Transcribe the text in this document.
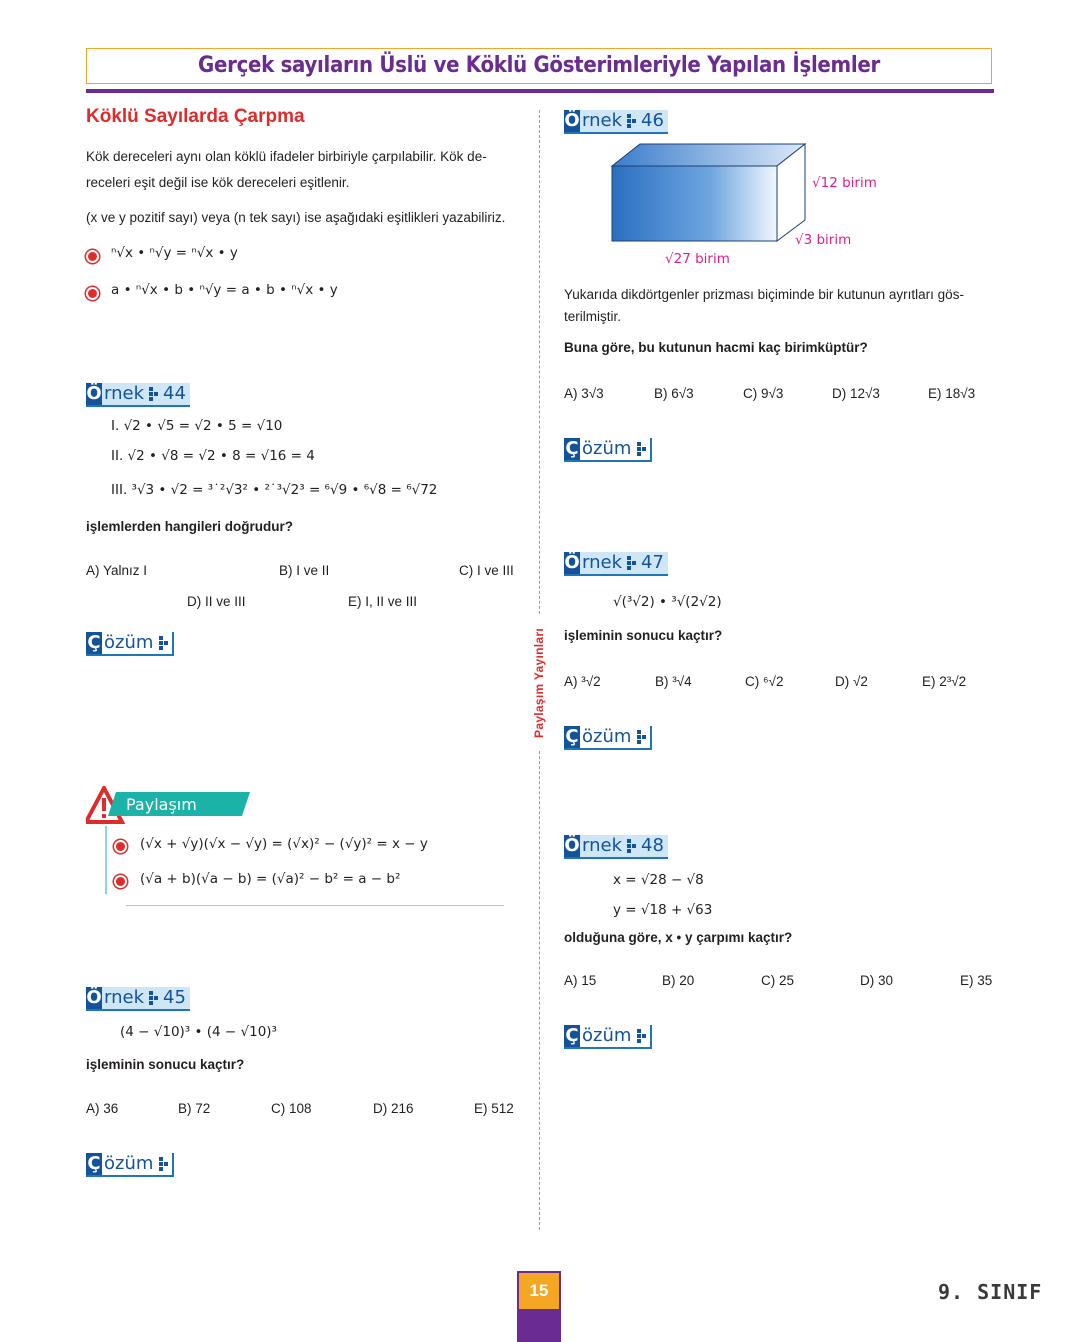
Gerçek sayıların Üslü ve Köklü Gösterimleriyle Yapılan İşlemler
Köklü Sayılarda Çarpma
Kök dereceleri aynı olan köklü ifadeler birbiriyle çarpılabilir. Kök de-
receleri eşit değil ise kök dereceleri eşitlenir.
(x ve y pozitif sayı) veya (n tek sayı) ise aşağıdaki eşitlikleri yazabiliriz.
ⁿ√x • ⁿ√y = ⁿ√x • y
a • ⁿ√x • b • ⁿ√y = a • b • ⁿ√x • y
Ö rnek 44
I. √2 • √5 = √2 • 5 = √10
II. √2 • √8 = √2 • 8 = √16 = 4
III. ³√3 • √2 = ³˙²√3² • ²˙³√2³ = ⁶√9 • ⁶√8 = ⁶√72
işlemlerden hangileri doğrudur?
A) Yalnız I	B) I ve II	C) I ve III
D) II ve III	E) I, II ve III
Ç özüm
Paylaşım
(√x + √y)(√x − √y) = (√x)² − (√y)² = x − y
(√a + b)(√a − b) = (√a)² − b² = a − b²
Ö rnek 45
(4 − √10)³ • (4 − √10)³
işleminin sonucu kaçtır?
A) 36	B) 72	C) 108	D) 216	E) 512
Ç özüm
Paylaşım Yayınları
Ö rnek 46
√12 birim
√3 birim
√27 birim
Yukarıda dikdörtgenler prizması biçiminde bir kutunun ayrıtları gös-
terilmiştir.
Buna göre, bu kutunun hacmi kaç birimküptür?
A) 3√3	B) 6√3	C) 9√3	D) 12√3	E) 18√3
Ç özüm
Ö rnek 47
√(³√2) • ³√(2√2)
işleminin sonucu kaçtır?
A) ³√2	B) ³√4	C) ⁶√2	D) √2	E) 2³√2
Ç özüm
Ö rnek 48
x = √28 − √8
y = √18 + √63
olduğuna göre, x • y çarpımı kaçtır?
A) 15	B) 20	C) 25	D) 30	E) 35
Ç özüm
15	9. SINIF
